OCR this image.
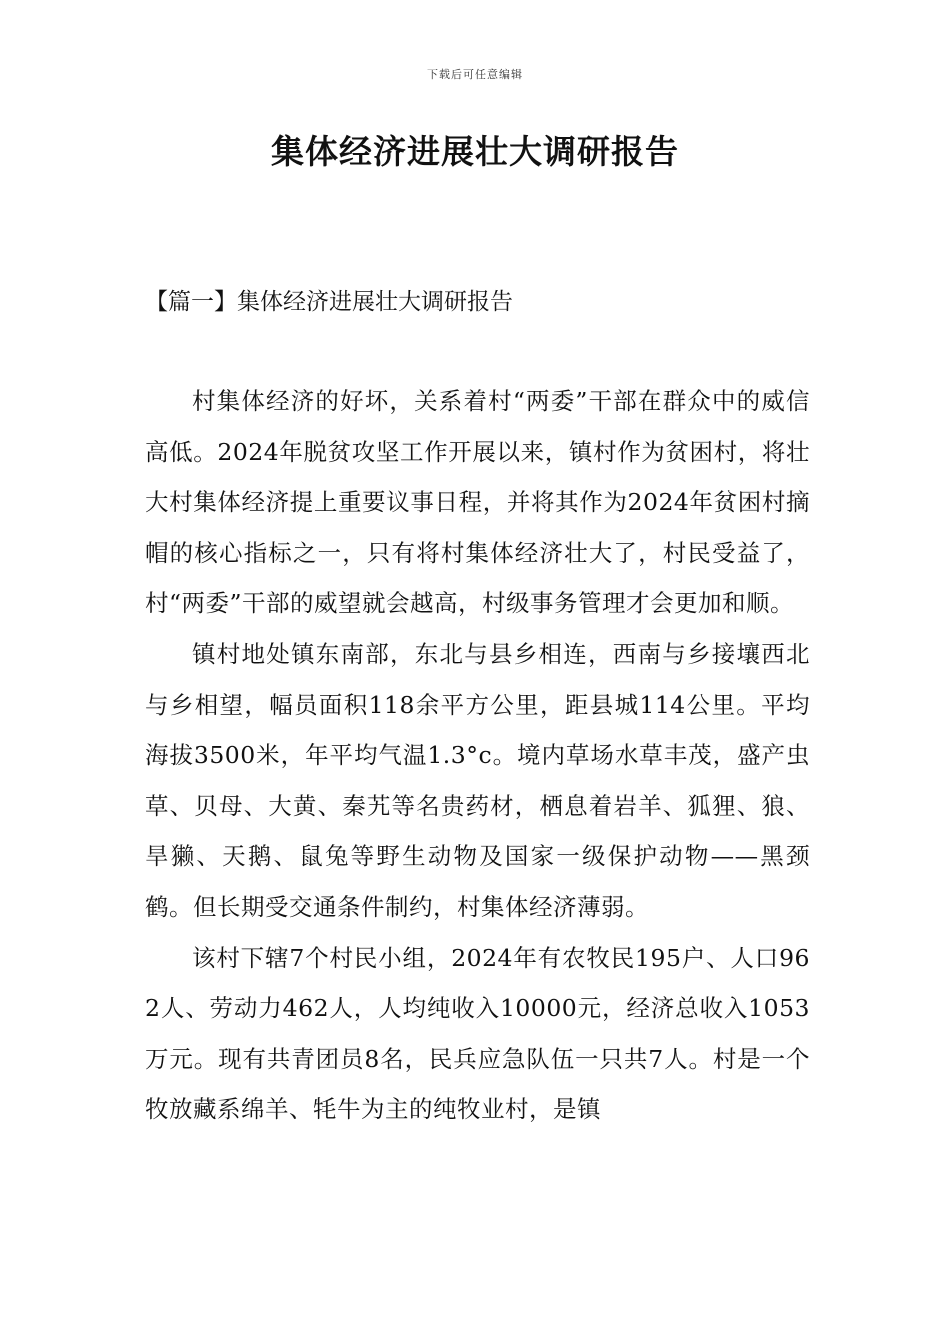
下载后可任意编辑
集体经济进展壮大调研报告
【篇一】集体经济进展壮大调研报告

村集体经济的好坏，关系着村“两委”干部在群众中的威信高低。2024年脱贫攻坚工作开展以来，镇村作为贫困村，将壮大村集体经济提上重要议事日程，并将其作为2024年贫困村摘帽的核心指标之一，只有将村集体经济壮大了，村民受益了，村“两委”干部的威望就会越高，村级事务管理才会更加和顺。

镇村地处镇东南部，东北与县乡相连，西南与乡接壤西北与乡相望，幅员面积118余平方公里，距县城114公里。平均海拔3500米，年平均气温1.3°c。境内草场水草丰茂，盛产虫草、贝母、大黄、秦艽等名贵药材，栖息着岩羊、狐狸、狼、旱獭、天鹅、鼠兔等野生动物及国家一级保护动物——黑颈鹤。但长期受交通条件制约，村集体经济薄弱。

该村下辖7个村民小组，2024年有农牧民195户、人口962人、劳动力462人，人均纯收入10000元，经济总收入1053万元。现有共青团员8名，民兵应急队伍一只共7人。村是一个牧放藏系绵羊、牦牛为主的纯牧业村，是镇
